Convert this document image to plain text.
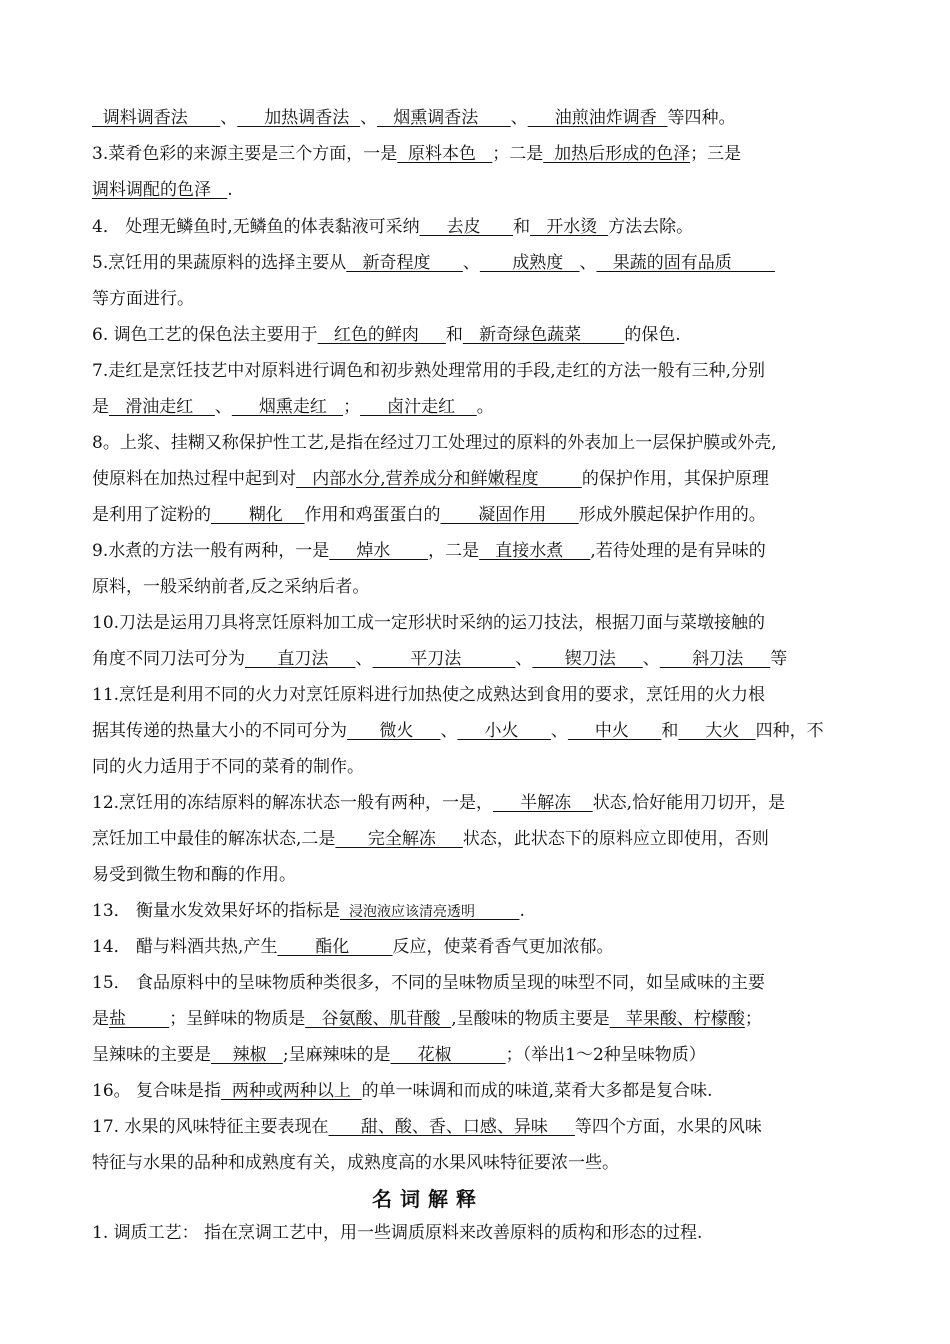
调料调香法      、     加热调香法  、   烟熏调香法      、     油煎油炸调香  等四种。
3.菜肴色彩的来源主要是三个方面，一是  原料本色   ；二是  加热后形成的色泽；三是
调料调配的色泽   .
4． 处理无鳞鱼时,无鳞鱼的体表黏液可采纳     去皮      和   开水烫  方法去除。
5.烹饪用的果蔬原料的选择主要从   新奇程度      、      成熟度   、   果蔬的固有品质
等方面进行。
6. 调色工艺的保色法主要用于   红色的鲜肉     和   新奇绿色蔬菜        的保色.
7.走红是烹饪技艺中对原料进行调色和初步熟处理常用的手段,走红的方法一般有三种,分别
是   滑油走红    、     烟熏走红   ；     卤汁走红    。
8。上浆、挂糊又称保护性工艺,是指在经过刀工处理过的原料的外表加上一层保护膜或外壳,
使原料在加热过程中起到对   内部水分,营养成分和鲜嫩程度        的保护作用，其保护原理
是利用了淀粉的       糊化    作用和鸡蛋蛋白的       凝固作用      形成外膜起保护作用的。
9.水煮的方法一般有两种，一是     焯水       ，二是   直接水煮     ,若待处理的是有异味的
原料，一般采纳前者,反之采纳后者。
10.刀法是运用刀具将烹饪原料加工成一定形状时采纳的运刀技法，根据刀面与菜墩接触的
角度不同刀法可分为      直刀法     、       平刀法          、      锲刀法     、      斜刀法     等
11.烹饪是利用不同的火力对烹饪原料进行加热使之成熟达到食用的要求，烹饪用的火力根
据其传递的热量大小的不同可分为      微火     、     小火      、     中火      和     大火   四种，不
同的火力适用于不同的菜肴的制作。
12.烹饪用的冻结原料的解冻状态一般有两种，一是，     半解冻    状态,恰好能用刀切开，是
烹饪加工中最佳的解冻状态,二是      完全解冻     状态，此状态下的原料应立即使用，否则
易受到微生物和酶的作用。
13． 衡量水发效果好坏的指标是  浸泡液应该清亮透明          .
14． 醋与料酒共热,产生       酯化        反应，使菜肴香气更加浓郁。
15． 食品原料中的呈味物质种类很多，不同的呈味物质呈现的味型不同，如呈咸味的主要
是盐        ；呈鲜味的物质是   谷氨酸、肌苷酸  ,呈酸味的物质主要是   苹果酸、柠檬酸；
呈辣味的主要是    辣椒   ;呈麻辣味的是     花椒          ；（举出1～2种呈味物质）
16。 复合味是指  两种或两种以上  的单一味调和而成的味道,菜肴大多都是复合味.
17. 水果的风味特征主要表现在      甜、酸、香、口感、异味     等四个方面，水果的风味
特征与水果的品种和成熟度有关，成熟度高的水果风味特征要浓一些。
名词解释
1. 调质工艺： 指在烹调工艺中，用一些调质原料来改善原料的质构和形态的过程.
